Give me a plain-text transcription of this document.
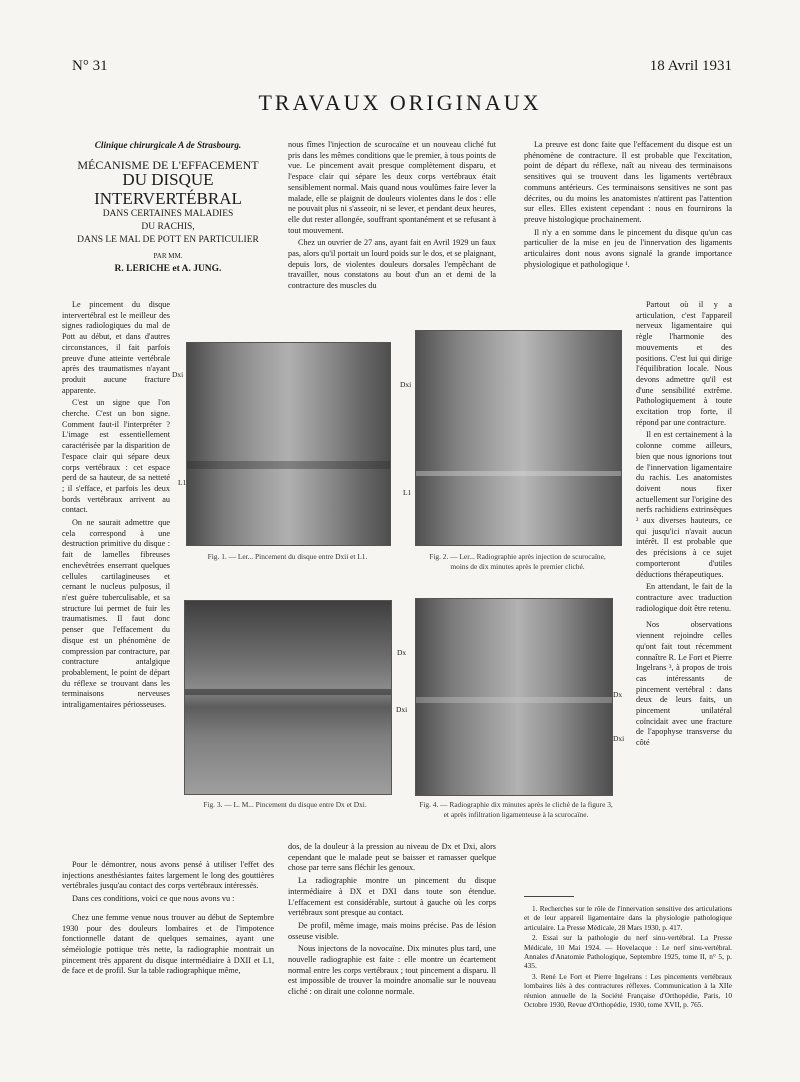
N° 31	18 Avril 1931
TRAVAUX ORIGINAUX
Clinique chirurgicale A de Strasbourg.
MÉCANISME DE L'EFFACEMENT
DU DISQUE INTERVERTÉBRAL
DANS CERTAINES MALADIES
DU RACHIS,
DANS LE MAL DE POTT EN PARTICULIER
PAR MM.
R. LERICHE et A. JUNG.

Le pincement du disque intervertébral est le meilleur des signes radiologiques du mal de Pott au début, et dans d'autres circonstances, il fait parfois preuve d'une atteinte vertébrale après des traumatismes n'ayant produit aucune fracture apparente.

C'est un signe que l'on cherche. C'est un bon signe. Comment faut-il l'interpréter ? L'image est essentiellement caractérisée par la disparition de l'espace clair qui sépare deux corps vertébraux : cet espace perd de sa hauteur, de sa netteté ; il s'efface, et parfois les deux bords vertébraux arrivent au contact.

On ne saurait admettre que cela correspond à une destruction primitive du disque : fait de lamelles fibreuses enchevêtrées enserrant quelques cellules cartilagineuses et cernant le nucleus pulposus, il n'est guère tuberculisable, et sa structure lui permet de fuir les traumatismes. Il faut donc penser que l'effacement du disque est un phénomène de compression par contracture, par contracture antalgique probablement, le point de départ du réflexe se trouvant dans les terminaisons nerveuses intraligamentaires périosseuses.

Pour le démontrer, nous avons pensé à utiliser l'effet des injections anesthésiantes faites largement le long des gouttières vertébrales jusqu'au contact des corps vertébraux intéressés.

Dans ces conditions, voici ce que nous avons vu :

Chez une femme venue nous trouver au début de Septembre 1930 pour des douleurs lombaires et de l'impotence fonctionnelle datant de quelques semaines, ayant une séméiologie pottique très nette, la radiographie montrait un pincement très apparent du disque intermédiaire à DXII et L1, de face et de profil. Sur la table radiographique même,

nous fîmes l'injection de scurocaïne et un nouveau cliché fut pris dans les mêmes conditions que le premier, à tous points de vue. Le pincement avait presque complètement disparu, et l'espace clair qui sépare les deux corps vertébraux était sensiblement normal. Mais quand nous voulûmes faire lever la malade, elle se plaignit de douleurs violentes dans le dos : elle ne pouvait plus ni s'asseoir, ni se lever, et pendant deux heures, elle dut rester allongée, souffrant spontanément et se refusant à tout mouvement.

Chez un ouvrier de 27 ans, ayant fait en Avril 1929 un faux pas, alors qu'il portait un lourd poids sur le dos, et se plaignant, depuis lors, de violentes douleurs dorsales l'empêchant de travailler, nous constatons au bout d'un an et demi de la contracture des muscles du

dos, de la douleur à la pression au niveau de Dx et Dxi, alors cependant que le malade peut se baisser et ramasser quelque chose par terre sans fléchir les genoux.

La radiographie montre un pincement du disque intermédiaire à DX et DXI dans toute son étendue. L'effacement est considérable, surtout à gauche où les corps vertébraux sont presque au contact.

De profil, même image, mais moins précise. Pas de lésion osseuse visible.

Nous injectons de la novocaïne. Dix minutes plus tard, une nouvelle radiographie est faite : elle montre un écartement normal entre les corps vertébraux ; tout pincement a disparu. Il est impossible de trouver la moindre anomalie sur le nouveau cliché : on dirait une colonne normale.

La preuve est donc faite que l'effacement du disque est un phénomène de contracture. Il est probable que l'excitation, point de départ du réflexe, naît au niveau des terminaisons sensitives qui se trouvent dans les ligaments vertébraux communs antérieurs. Ces terminaisons sensitives ne sont pas décrites, ou du moins les anatomistes n'attirent pas l'attention sur elles. Elles existent cependant : nous en fournirons la preuve histologique prochainement.

Il n'y a en somme dans le pincement du disque qu'un cas particulier de la mise en jeu de l'innervation des ligaments articulaires dont nous avons signalé la grande importance physiologique et pathologique ¹.

Partout où il y a articulation, c'est l'appareil nerveux ligamentaire qui règle l'harmonie des mouvements et des positions. C'est lui qui dirige l'équilibration locale. Nous devons admettre qu'il est d'une sensibilité extrême. Pathologiquement à toute excitation trop forte, il répond par une contracture.

Il en est certainement à la colonne comme ailleurs, bien que nous ignorions tout de l'innervation ligamentaire du rachis. Les anatomistes doivent nous fixer actuellement sur l'origine des nerfs rachidiens extrinsèques ² aux diverses hauteurs, ce qui jusqu'ici n'avait aucun intérêt. Il est probable que des précisions à ce sujet comporteront d'utiles déductions thérapeutiques.

En attendant, le fait de la contracture avec traduction radiologique doit être retenu.

Nos observations viennent rejoindre celles qu'ont fait tout récemment connaître R. Le Fort et Pierre Ingelrans ³, à propos de trois cas intéressants de pincement vertébral : dans deux de leurs faits, un pincement unilatéral coïncidait avec une fracture de l'apophyse transverse du côté

1. Recherches sur le rôle de l'innervation sensitive des articulations et de leur appareil ligamentaire dans la physiologie pathologique articulaire. La Presse Médicale, 28 Mars 1930, p. 417.

2. Essai sur la pathologie du nerf sinu-vertébral. La Presse Médicale, 10 Mai 1924. — Hovelacque : Le nerf sinu-vertébral. Annales d'Anatomie Pathologique, Septembre 1925, tome II, n° 5, p. 435.

3. René Le Fort et Pierre Ingelrans : Les pincements vertébraux lombaires liés à des contractures réflexes. Communication à la XIIe réunion annuelle de la Société Française d'Orthopédie, Paris, 10 Octobre 1930, Revue d'Orthopédie, 1930, tome XVII, p. 765.

Dxi
L1
Fig. 1. — Ler... Pincement du disque entre Dxii et L1.
Dxi
L1
Fig. 2. — Ler... Radiographie après injection de scurocaïne, moins de dix minutes après le premier cliché.
Fig. 3. — L. M... Pincement du disque entre Dx et Dxi.
Dx
Dxi
Dx
Dxi
Fig. 4. — Radiographie dix minutes après le cliché de la figure 3, et après infiltration ligamenteuse à la scurocaïne.
